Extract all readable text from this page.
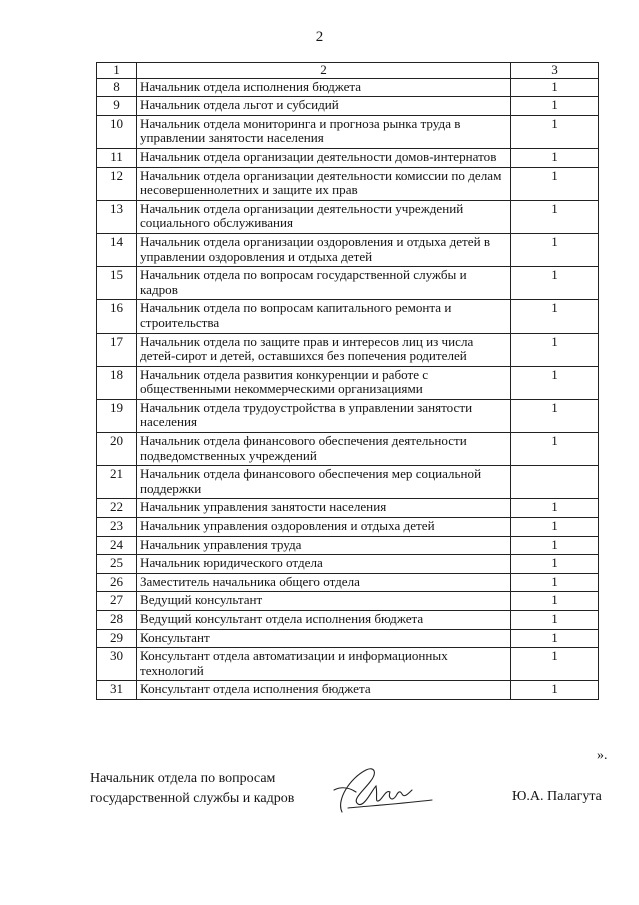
2
1	2	3
8	Начальник отдела исполнения бюджета	1
9	Начальник отдела льгот и субсидий	1
10	Начальник отдела мониторинга и прогноза рынка труда в управлении занятости населения	1
11	Начальник отдела организации деятельности домов-интернатов	1
12	Начальник отдела организации деятельности комиссии по делам несовершеннолетних и защите их прав	1
13	Начальник отдела организации деятельности учреждений социального обслуживания	1
14	Начальник отдела организации оздоровления и отдыха детей в управлении оздоровления и отдыха детей	1
15	Начальник отдела по вопросам государственной службы и кадров	1
16	Начальник отдела по вопросам капитального ремонта и строительства	1
17	Начальник отдела по защите прав и интересов лиц из числа детей-сирот и детей, оставшихся без попечения родителей	1
18	Начальник отдела развития конкуренции и работе с общественными некоммерческими организациями	1
19	Начальник отдела трудоустройства в управлении занятости населения	1
20	Начальник отдела финансового обеспечения деятельности подведомственных учреждений	1
21	Начальник отдела финансового обеспечения мер социальной поддержки	
22	Начальник управления занятости населения	1
23	Начальник управления оздоровления и отдыха детей	1
24	Начальник управления труда	1
25	Начальник юридического отдела	1
26	Заместитель начальника общего отдела	1
27	Ведущий консультант	1
28	Ведущий консультант отдела исполнения бюджета	1
29	Консультант	1
30	Консультант отдела автоматизации и информационных технологий	1
31	Консультант отдела исполнения бюджета	1
».
Начальник отдела по вопросам
государственной службы и кадров	Ю.А. Палагута
